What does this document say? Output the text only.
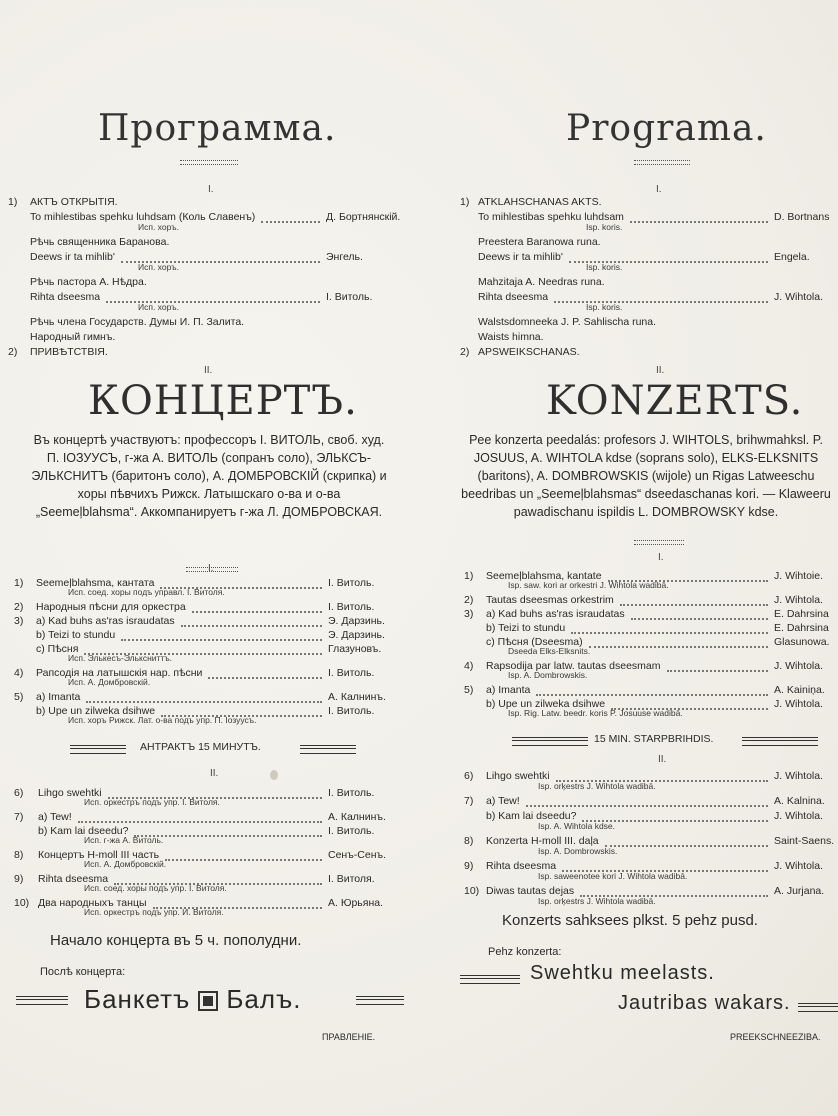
Программа.
I.
1) АКТЪ ОТКРЫТІЯ.
To mihlestibas spehku luhdsam (Коль Славенъ)	Д. Бортнянскій.
Исп. хоръ.
Рѣчь священника Баранова.
Deews ir ta mihlib'	Энгель.
Исп. хоръ.
Рѣчь пастора А. Нѣдра.
Rihta dseesma	І. Витоль.
Исп. хоръ.
Рѣчь члена Государств. Думы И. П. Залита.
Народный гимнъ.
2) ПРИВѢТСТВІЯ.
II.
КОНЦЕРТЪ.
Въ концертѣ участвуютъ: профессоръ І. ВИТОЛЬ, своб. худ. П. ІОЗУУСЪ, г-жа А. ВИТОЛЬ (сопранъ соло), ЭЛЬКСЪ-ЭЛЬКСНИТЪ (баритонъ соло), А. ДОМБРОВСКІЙ (скрипка) и хоры пѣвчихъ Рижск. Латышскаго о-ва и о-ва „Seemeļblahsma“. Аккомпанируетъ г-жа Л. ДОМБРОВСКАЯ.
I.
1) Seemeļblahsma, кантата	І. Витоль.
Исп. соед. хоры подъ управл. І. Витоля.
2) Народныя пѣсни для оркестра	І. Витоль.
3) a) Kad buhs as'ras israudatas	Э. Дарзинь.
b) Teizi to stundu	Э. Дарзинь.
c) Пѣсня	Глазуновъ.
Исп. Элькесъ-Эльксниттъ.
4) Рапсодія на латышскія нар. пѣсни	І. Витоль.
Исп. А. Домбровскій.
5) a) Imanta	А. Калнинъ.
b) Upe un zilweka dsihwe	І. Витоль.
Исп. хоръ Рижск. Лат. о-ва подъ упр. П. Іозуусъ.
АНТРАКТЪ 15 МИНУТЪ.
II.
6) Lihgo swehtki	І. Витоль.
Исп. оркестръ подъ упр. І. Витоля.
7) a) Tew!	А. Калнинъ.
b) Kam lai dseedu?	І. Витоль.
Исп. г-жа А. Витоль.
8) Концертъ H-moll III часть	Сенъ-Сенъ.
Исп. А. Домбровскій.
9) Rihta dseesma	І. Витоля.
Исп. соед. хоры подъ упр. І. Витоля.
10) Два народныхъ танцы	А. Юрьяна.
Исп. оркестръ подъ упр. И. Витоля.
Начало концерта въ 5 ч. пополудни.
Послѣ концерта:
Банкетъ Балъ.
ПРАВЛЕНІЕ.
Programa.
I.
1) ATKLAHSCHANAS AKTS.
To mihlestibas spehku luhdsam	D. Bortnans
Isp. koris.
Preestera Baranowa runa.
Deews ir ta mihlib'	Engela.
Isp. koris.
Mahzitaja A. Needras runa.
Rihta dseesma	J. Wihtola.
Isp. koris.
Walstsdomneeka J. P. Sahlischa runa.
Waists himna.
2) APSWEIKSCHANAS.
II.
KONZERTS.
Pee konzerta peedalás: profesors J. WIHTOLS, brihwmahksl. P. JOSUUS, A. WIHTOLA kdse (soprans solo), ELKS-ELKSNITS (baritons), A. DOMBROWSKIS (wijole) un Rigas Latweeschu beedribas un „Seemeļblahsmas“ dseedaschanas kori. — Klaweeru pawadischanu ispildis L. DOMBROWSKY kdse.
I.
1) Seemeļblahsma, kantate	J. Wihtoie.
Isp. saw. kori ar orkestri J. Wihtola wadibā.
2) Tautas dseesmas orkestrim	J. Wihtola.
3) a) Kad buhs as'ras israudatas	E. Dahrsina
b) Teizi to stundu	E. Dahrsina
c) Пѣсня (Dseesma)	Glasunowa.
Dseeda Elks-Elksnits.
4) Rapsodija par latw. tautas dseesmam	J. Wihtola.
Isp. A. Dombrowskis.
5) a) Imanta	A. Kainiņa.
b) Upe un zilweka dsihwe	J. Wihtola.
Isp. Rig. Latw. beedr. koris P. Josuuse wadibā.
15 MIN. STARPBRIHDIS.
II.
6) Lihgo swehtki	J. Wihtola.
Isp. orķestrs J. Wihtola wadibā.
7) a) Tew!	A. Kalnina.
b) Kam lai dseedu?	J. Wihtola.
Isp. A. Wihtola kdse.
8) Konzerta H-moll III. daļa	Saint-Saens.
Isp. A. Dombrowskis.
9) Rihta dseesma	J. Wihtola.
Isp. saweenotee kori J. Wihtola wadibā.
10) Diwas tautas dejas	A. Jurjana.
Isp. orķestrs J. Wihtola wadibā.
Konzerts sahksees plkst. 5 pehz pusd.
Pehz konzerta:
Swehtku meelasts.
Jautribas wakars.
PREEKSCHNEEZIBA.
